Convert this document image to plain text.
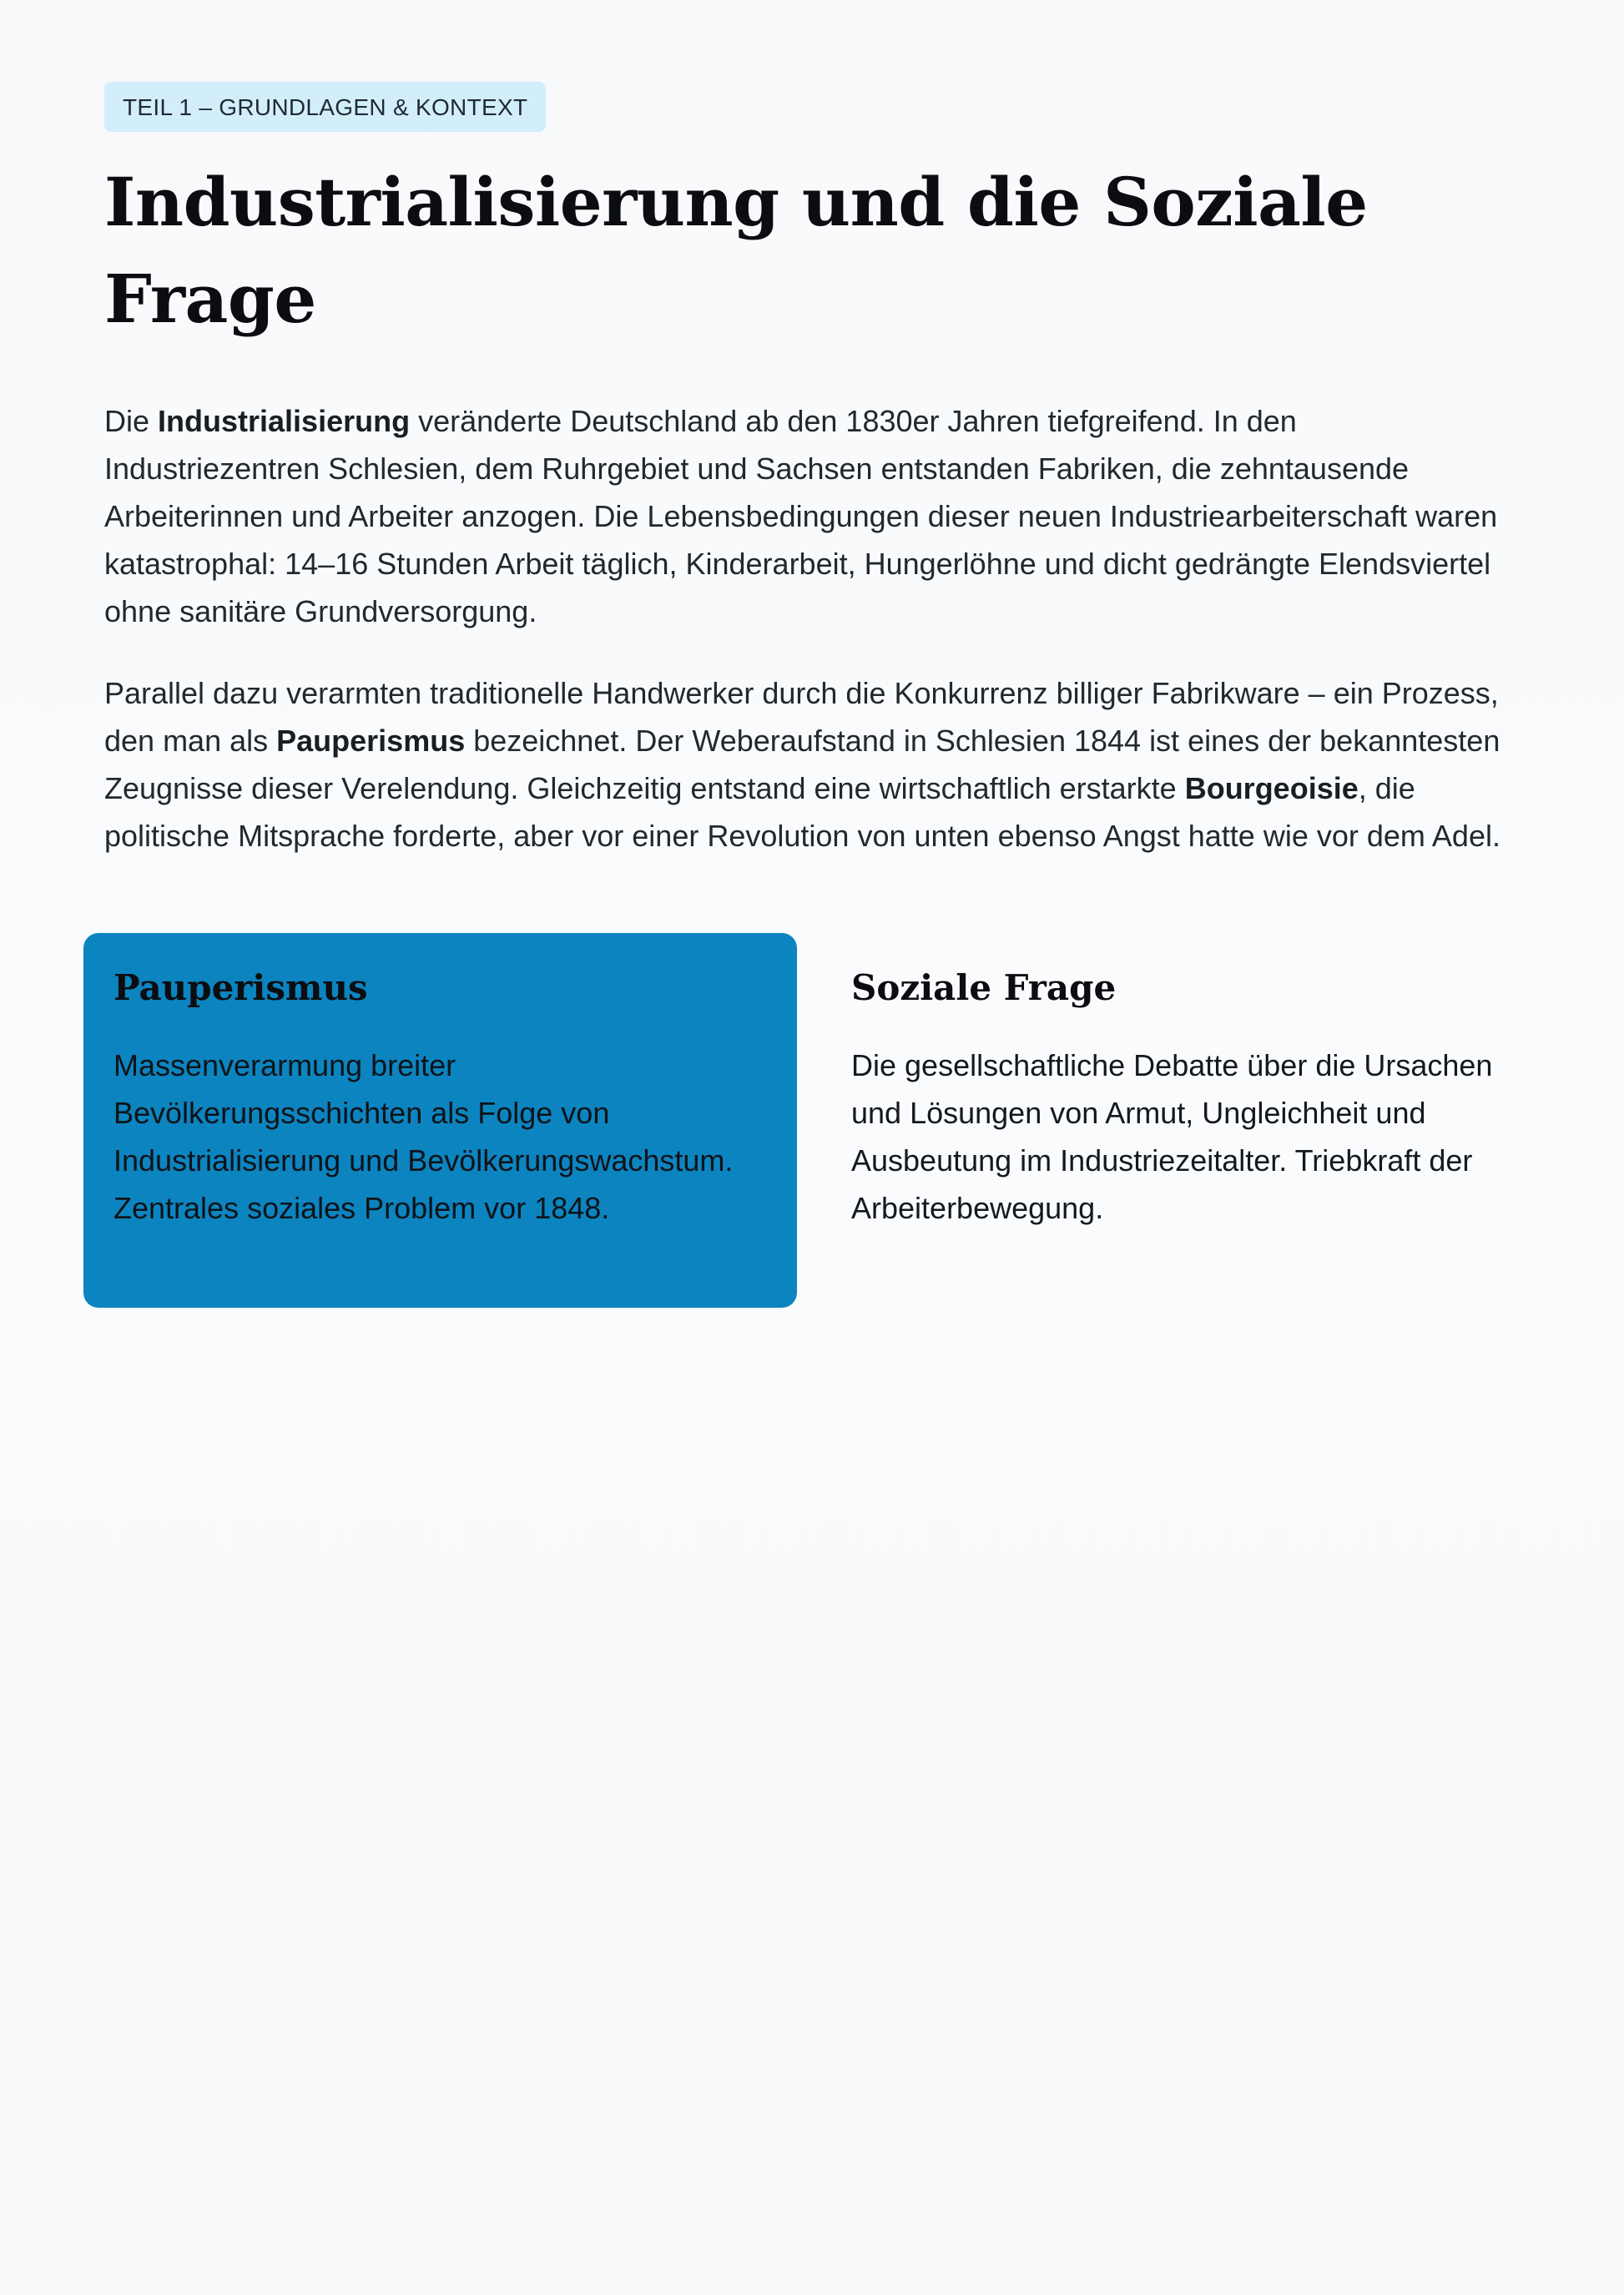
TEIL 1 – GRUNDLAGEN & KONTEXT
Industrialisierung und die Soziale Frage

Die Industrialisierung veränderte Deutschland ab den 1830er Jahren tiefgreifend. In den Industriezentren Schlesien, dem Ruhrgebiet und Sachsen entstanden Fabriken, die zehntausende Arbeiterinnen und Arbeiter anzogen. Die Lebensbedingungen dieser neuen Industriearbeiterschaft waren katastrophal: 14–16 Stunden Arbeit täglich, Kinderarbeit, Hungerlöhne und dicht gedrängte Elendsviertel ohne sanitäre Grundversorgung.

Parallel dazu verarmten traditionelle Handwerker durch die Konkurrenz billiger Fabrikware – ein Prozess, den man als Pauperismus bezeichnet. Der Weberaufstand in Schlesien 1844 ist eines der bekanntesten Zeugnisse dieser Verelendung. Gleichzeitig entstand eine wirtschaftlich erstarkte Bourgeoisie, die politische Mitsprache forderte, aber vor einer Revolution von unten ebenso Angst hatte wie vor dem Adel.

Pauperismus

Massenverarmung breiter Bevölkerungsschichten als Folge von Industrialisierung und Bevölkerungswachstum. Zentrales soziales Problem vor 1848.

Soziale Frage

Die gesellschaftliche Debatte über die Ursachen und Lösungen von Armut, Ungleichheit und Ausbeutung im Industriezeitalter. Triebkraft der Arbeiterbewegung.
